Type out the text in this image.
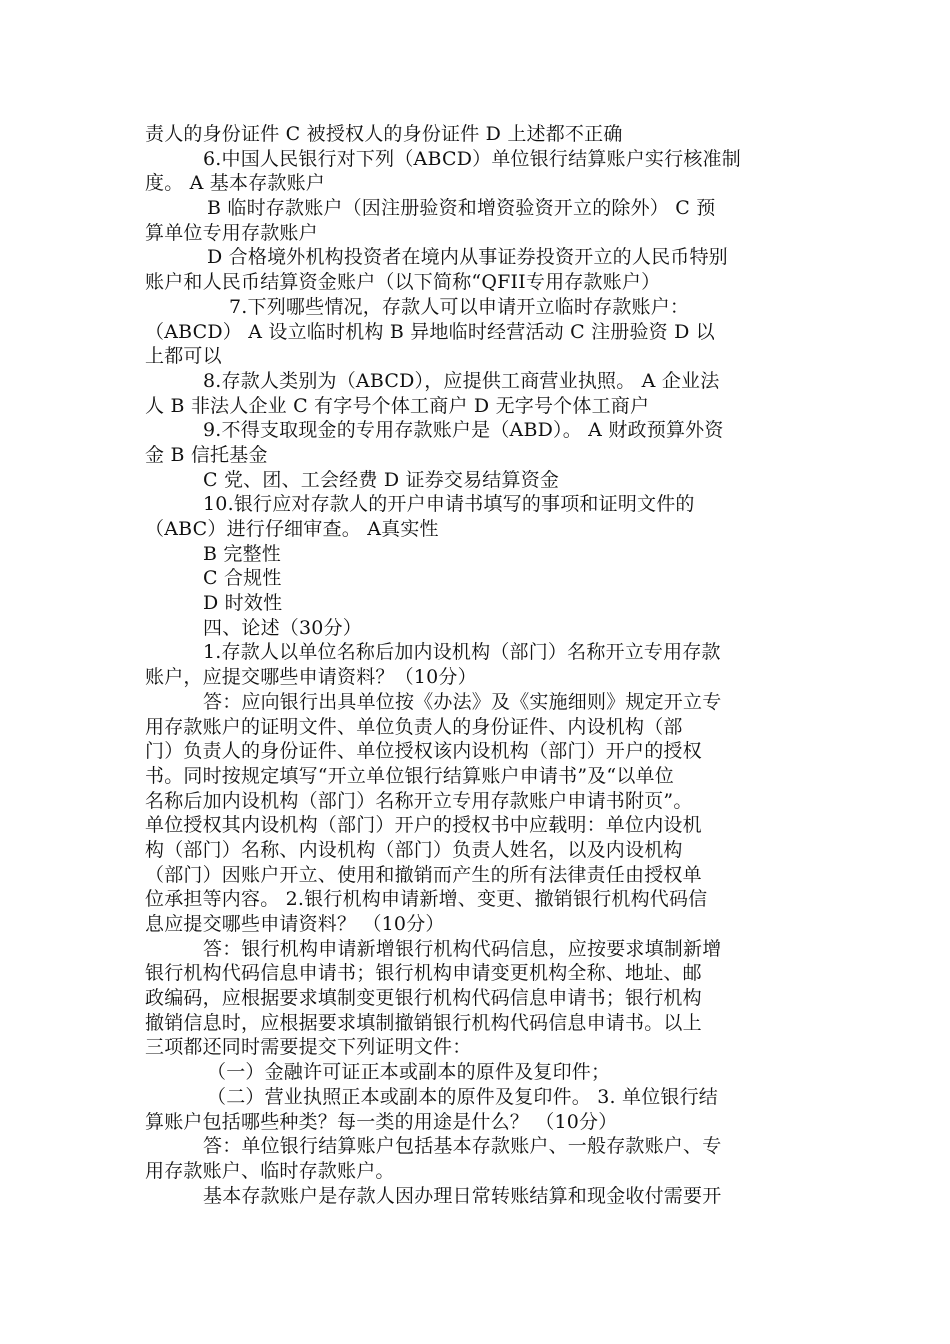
责人的身份证件 C 被授权人的身份证件 D 上述都不正确
6.中国人民银行对下列（ABCD）单位银行结算账户实行核准制
度。 A 基本存款账户
B 临时存款账户（因注册验资和增资验资开立的除外） C 预
算单位专用存款账户
D 合格境外机构投资者在境内从事证券投资开立的人民币特别
账户和人民币结算资金账户（以下简称“QFII专用存款账户）
7.下列哪些情况，存款人可以申请开立临时存款账户：
（ABCD） A 设立临时机构 B 异地临时经营活动 C 注册验资 D 以
上都可以
8.存款人类别为（ABCD），应提供工商营业执照。 A 企业法
人 B 非法人企业 C 有字号个体工商户 D 无字号个体工商户
9.不得支取现金的专用存款账户是（ABD）。 A 财政预算外资
金 B 信托基金
C 党、团、工会经费 D 证券交易结算资金
10.银行应对存款人的开户申请书填写的事项和证明文件的
（ABC）进行仔细审查。 A真实性
B 完整性
C 合规性
D 时效性
四、论述（30分）
1.存款人以单位名称后加内设机构（部门）名称开立专用存款
账户，应提交哪些申请资料？（10分）
答：应向银行出具单位按《办法》及《实施细则》规定开立专
用存款账户的证明文件、单位负责人的身份证件、内设机构（部
门）负责人的身份证件、单位授权该内设机构（部门）开户的授权
书。同时按规定填写“开立单位银行结算账户申请书”及“以单位
名称后加内设机构（部门）名称开立专用存款账户申请书附页”。
单位授权其内设机构（部门）开户的授权书中应载明：单位内设机
构（部门）名称、内设机构（部门）负责人姓名，以及内设机构
（部门）因账户开立、使用和撤销而产生的所有法律责任由授权单
位承担等内容。 2.银行机构申请新增、变更、撤销银行机构代码信
息应提交哪些申请资料？ （10分）
答：银行机构申请新增银行机构代码信息，应按要求填制新增
银行机构代码信息申请书；银行机构申请变更机构全称、地址、邮
政编码，应根据要求填制变更银行机构代码信息申请书；银行机构
撤销信息时，应根据要求填制撤销银行机构代码信息申请书。以上
三项都还同时需要提交下列证明文件：
（一）金融许可证正本或副本的原件及复印件；
（二）营业执照正本或副本的原件及复印件。 3. 单位银行结
算账户包括哪些种类？每一类的用途是什么？ （10分）
答：单位银行结算账户包括基本存款账户、一般存款账户、专
用存款账户、临时存款账户。
基本存款账户是存款人因办理日常转账结算和现金收付需要开
